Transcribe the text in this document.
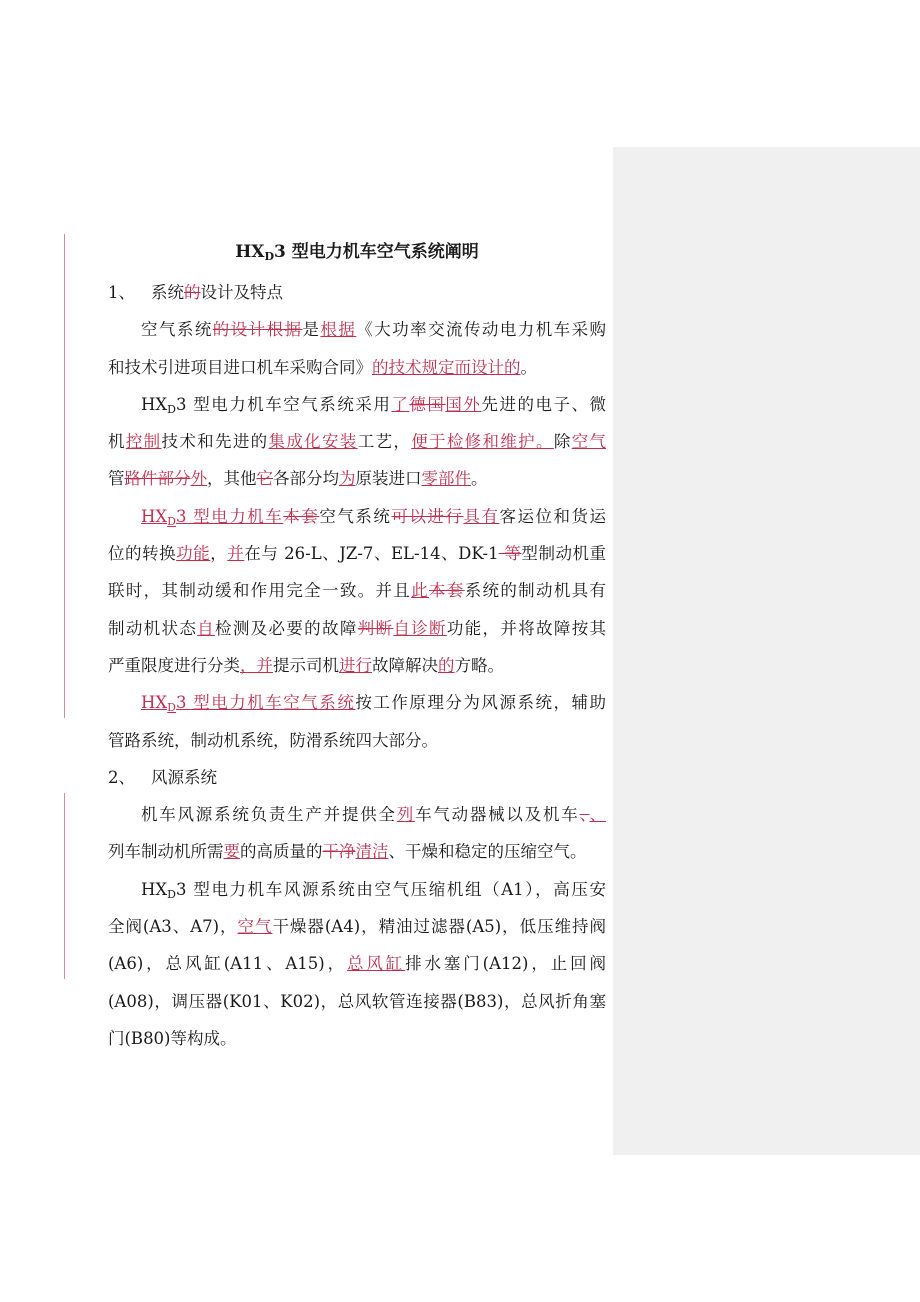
$HX_D3$ 型电力机车空气系统阐明

1、 系统的设计及特点

空气系统的设计根据是根据《大功率交流传动电力机车采购

和技术引进项目进口机车采购合同》的技术规定而设计的。

$HX_D3$ 型电力机车空气系统采用了德国国外先进的电子、微

机控制技术和先进的集成化安装工艺，便于检修和维护。除空气

管路件部分外，其他它各部分均为原装进口零部件。

$HX_D3$ 型电力机车本套空气系统可以进行具有客运位和货运

位的转换功能，并在与 26-L、JZ-7、EL-14、DK-1 等型制动机重

联时，其制动缓和作用完全一致。并且此本套系统的制动机具有

制动机状态自检测及必要的故障判断自诊断功能，并将故障按其

严重限度进行分类，并提示司机进行故障解决的方略。

$HX_D3$ 型电力机车空气系统按工作原理分为风源系统，辅助

管路系统，制动机系统，防滑系统四大部分。

2、 风源系统

机车风源系统负责生产并提供全列车气动器械以及机车、、

列车制动机所需要的高质量的干净清洁、干燥和稳定的压缩空气。

$HX_D3$ 型电力机车风源系统由空气压缩机组（A1），高压安

全阀(A3、A7)，空气干燥器(A4)，精油过滤器(A5)，低压维持阀

(A6)，总风缸(A11、A15)，总风缸排水塞门(A12)，止回阀

(A08)，调压器(K01、K02)，总风软管连接器(B83)，总风折角塞

门(B80)等构成。
